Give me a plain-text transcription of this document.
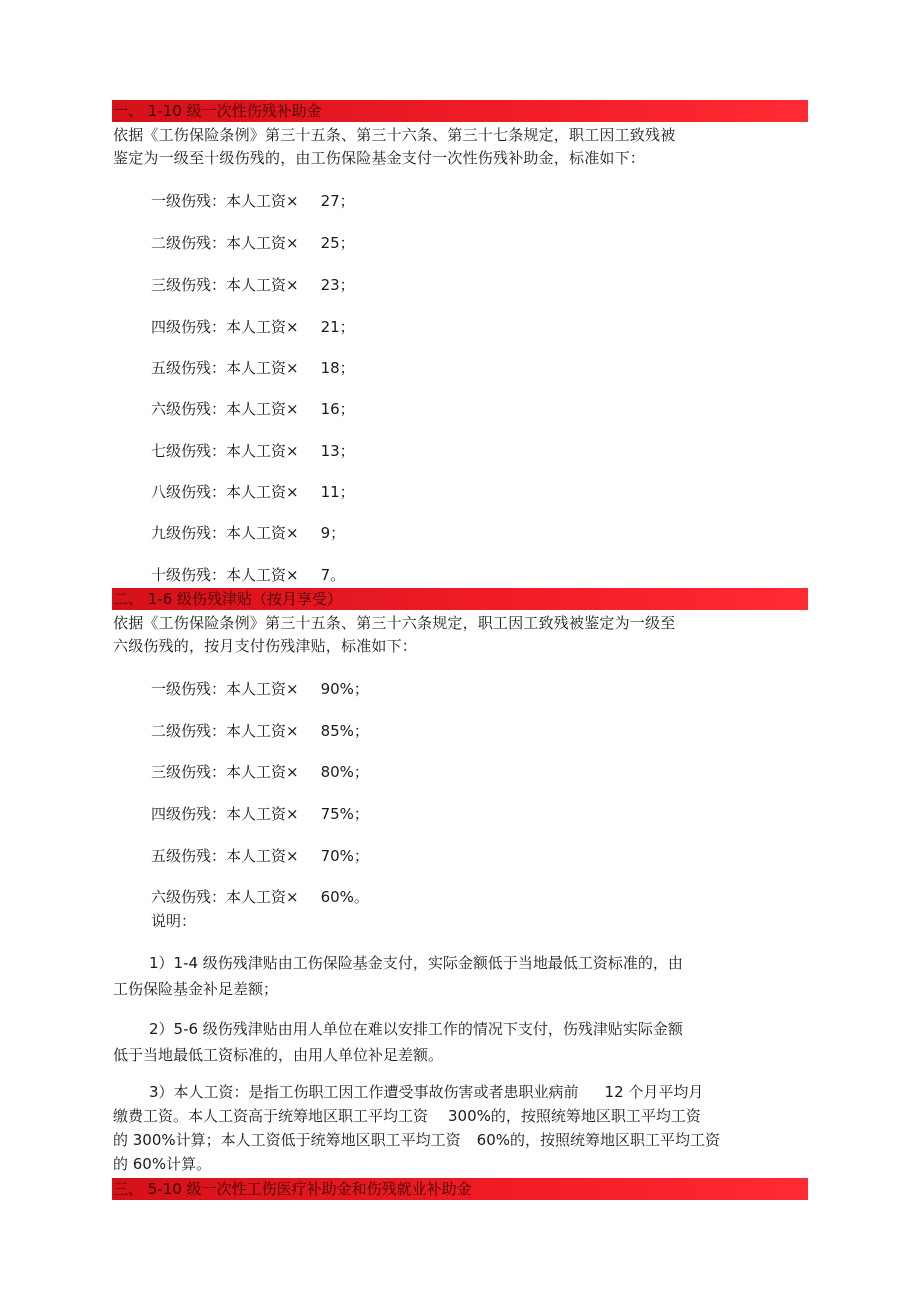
一、 1-10 级一次性伤残补助金
依据《工伤保险条例》第三十五条、第三十六条、第三十七条规定，职工因工致残被
鉴定为一级至十级伤残的，由工伤保险基金支付一次性伤残补助金，标准如下：
一级伤残：本人工资× 27；
二级伤残：本人工资× 25；
三级伤残：本人工资× 23；
四级伤残：本人工资× 21；
五级伤残：本人工资× 18；
六级伤残：本人工资× 16；
七级伤残：本人工资× 13；
八级伤残：本人工资× 11；
九级伤残：本人工资× 9；
十级伤残：本人工资× 7。
二、 1-6 级伤残津贴（按月享受）
依据《工伤保险条例》第三十五条、第三十六条规定，职工因工致残被鉴定为一级至
六级伤残的，按月支付伤残津贴，标准如下：
一级伤残：本人工资× 90%；
二级伤残：本人工资× 85%；
三级伤残：本人工资× 80%；
四级伤残：本人工资× 75%；
五级伤残：本人工资× 70%；
六级伤残：本人工资× 60%。
说明：
1）1-4 级伤残津贴由工伤保险基金支付，实际金额低于当地最低工资标准的，由
工伤保险基金补足差额；
2）5-6 级伤残津贴由用人单位在难以安排工作的情况下支付，伤残津贴实际金额
低于当地最低工资标准的，由用人单位补足差额。
3）本人工资：是指工伤职工因工作遭受事故伤害或者患职业病前 12 个月平均月
缴费工资。本人工资高于统筹地区职工平均工资 300%的，按照统筹地区职工平均工资
的 300%计算；本人工资低于统筹地区职工平均工资 60%的，按照统筹地区职工平均工资
的 60%计算。
三、 5-10 级一次性工伤医疗补助金和伤残就业补助金
